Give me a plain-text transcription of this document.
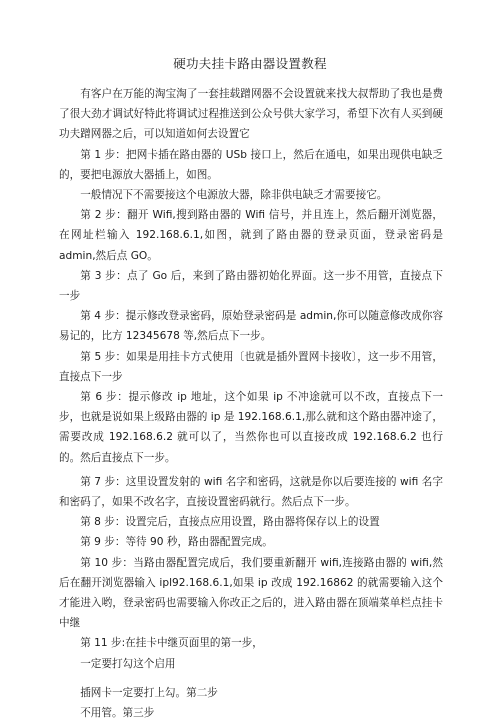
硬功夫挂卡路由器设置教程

有客户在万能的淘宝淘了一套挂载蹭网器不会设置就来找大叔帮助了我也是费了很大劲才调试好特此将调试过程推送到公众号供大家学习，希望下次有人买到硬功夫蹭网器之后，可以知道如何去设置它

第 1 步：把网卡插在路由器的 USb 接口上，然后在通电，如果出现供电缺乏的，要把电源放大器插上，如图。

一般情况下不需要接这个电源放大器，除非供电缺乏才需要接它。

第 2 步：翻开 Wifi,搜到路由器的 Wifi 信号，并且连上，然后翻开浏览器，在网址栏输入 192.168.6.1,如图，就到了路由器的登录页面，登录密码是 admin,然后点 GO。

第 3 步：点了 Go 后，来到了路由器初始化界面。这一步不用管，直接点下一步

第 4 步：提示修改登录密码，原始登录密码是 admin,你可以随意修改成你容易记的，比方 12345678 等,然后点下一步。

第 5 步：如果是用挂卡方式使用〔也就是插外置网卡接收〕，这一步不用管，直接点下一步

第 6 步：提示修改 ip 地址，这个如果 ip 不冲途就可以不改，直接点下一步，也就是说如果上级路由器的 ip 是 192.168.6.1,那么就和这个路由器冲途了，需要改成 192.168.6.2 就可以了，当然你也可以直接改成 192.168.6.2 也行的。然后直接点下一步。

第 7 步：这里设置发射的 wifi 名字和密码，这就是你以后要连接的 wifi 名字和密码了，如果不改名字，直接设置密码就行。然后点下一步。

第 8 步：设置完后，直接点应用设置，路由器将保存以上的设置

第 9 步：等待 90 秒，路由器配置完成。

第 10 步：当路由器配置完成后，我们要重新翻开 wifi,连接路由器的 wifi,然后在翻开浏览器输入 ipl92.168.6.1,如果 ip 改成 192.16862 的就需要输入这个才能进入哟，登录密码也需要输入你改正之后的，进入路由器在顶端菜单栏点挂卡中继

第 11 步:在挂卡中继页面里的第一步，

一定要打勾这个启用

插网卡一定要打上勾。第二步

不用管。第三步
